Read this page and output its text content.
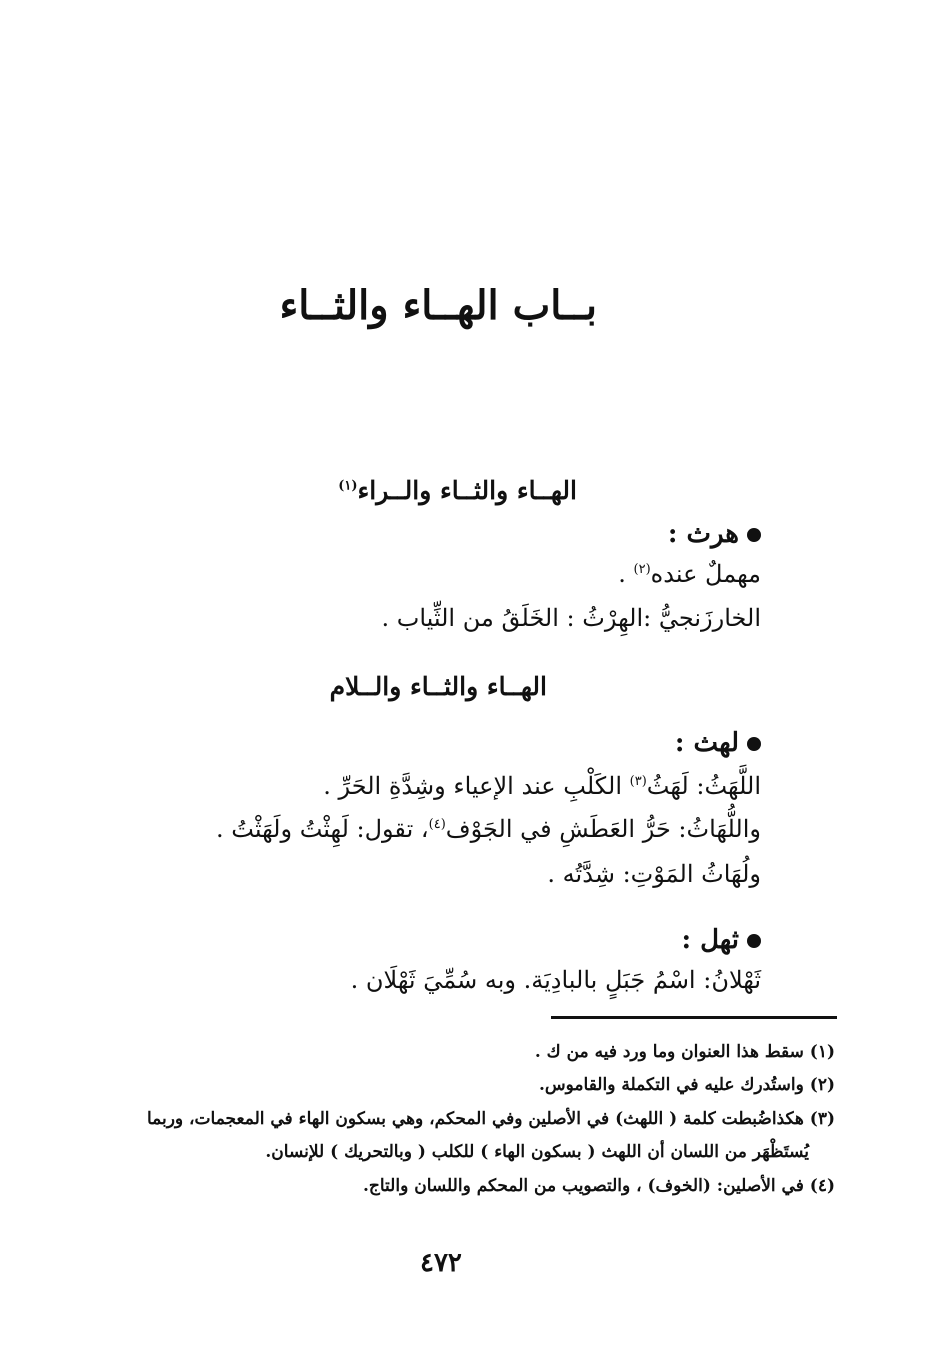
بــاب الهــاء والثــاء
الهــاء والثــاء والــراء$^{(١)}$
هرث :
مهملٌ عنده$^{(٢)}$ .
الخارزَنجيُّ :الهِرْثُ : الخَلَقُ من الثِّياب .
الهــاء والثــاء والــلام
لهث :
اللَّهَثُ: لَهَثُ$^{(٣)}$ الكَلْبِ عند الإعياء وشِدَّةِ الحَرِّ .
واللُّهَاثُ: حَرُّ العَطَشِ في الجَوْف$^{(٤)}$، تقول: لَهِثْتُ ولَهَثْتُ .
ولُهَاثُ المَوْتِ: شِدَّتُه .
ثهل :
ثَهْلانُ: اسْمُ جَبَلٍ بالبادِيَة. وبه سُمِّيَ ثَهْلَان .
(١) سقط هذا العنوان وما ورد فيه من ك .
(٢) واستُدرك عليه في التكملة والقاموس.
(٣) هكذاضُبطت كلمة ( اللهث) في الأصلين وفي المحكم، وهي بسكون الهاء في المعجمات، وربما
يُستَظْهَر من اللسان أن اللهث ( بسكون الهاء ) للكلب ( وبالتحريك ) للإنسان.
(٤) في الأصلين: (الخوف) ، والتصويب من المحكم واللسان والتاج.
٤٧٢
